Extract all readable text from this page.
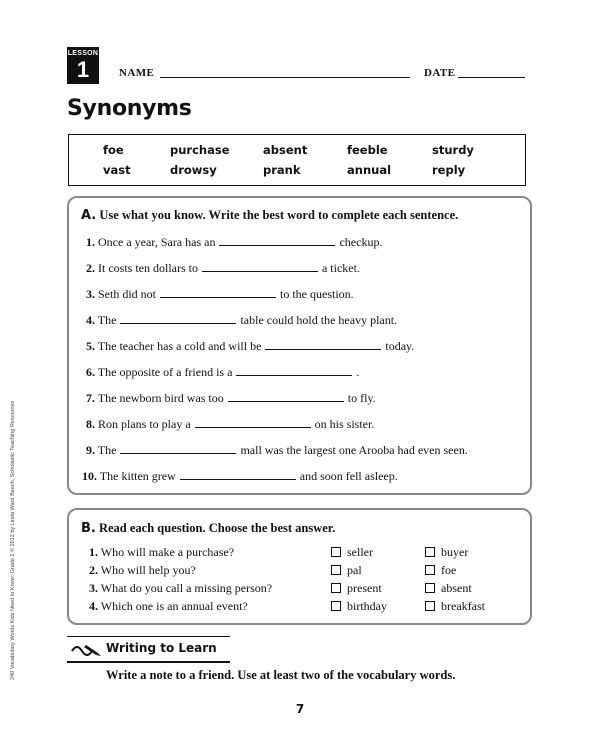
LESSON
1	NAME	DATE
Synonyms
foe	purchase	absent	feeble	sturdy
vast	drowsy	prank	annual	reply
A. Use what you know. Write the best word to complete each sentence.
1. Once a year, Sara has an	checkup.
2. It costs ten dollars to	a ticket.
3. Seth did not	to the question.
4. The	table could hold the heavy plant.
5. The teacher has a cold and will be	today.
6. The opposite of a friend is a	.
7. The newborn bird was too	to fly.
8. Ron plans to play a	on his sister.
9. The	mall was the largest one Arooba had even seen.
10. The kitten grew	and soon fell asleep.
B. Read each question. Choose the best answer.
1. Who will make a purchase?	seller	buyer
2. Who will help you?	pal	foe
3. What do you call a missing person?	present	absent
4. Which one is an annual event?	birthday	breakfast
240 Vocabulary Words Kids Need to Know: Grade 2 © 2012 by Linda Ward Beech, Scholastic Teaching Resources	Writing to Learn
Write a note to a friend. Use at least two of the vocabulary words.
7
